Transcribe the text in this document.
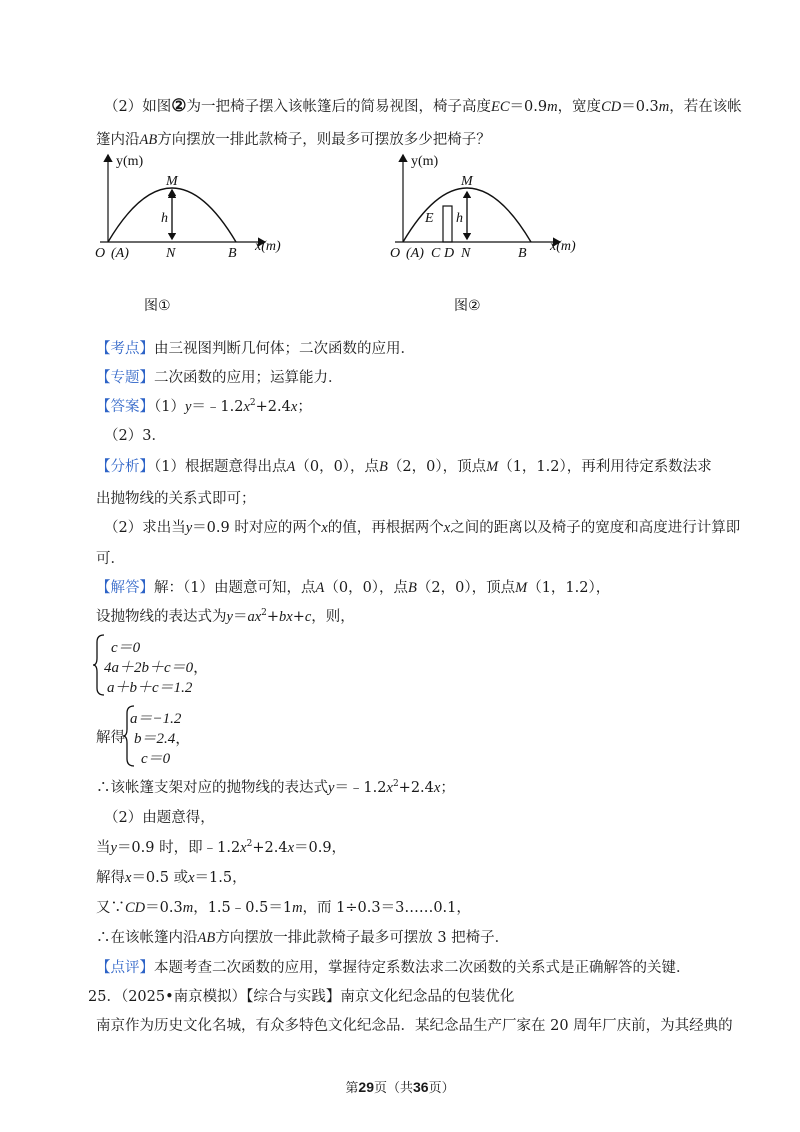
（2）如图②为一把椅子摆入该帐篷后的简易视图，椅子高度EC＝0.9m，宽度CD＝0.3m，若在该帐
篷内沿AB方向摆放一排此款椅子，则最多可摆放多少把椅子？
y(m)
x(m)
M
h
O (A)	N	B
图①
y(m)
x(m)
M
E h
O (A) C D N	B
图②
【考点】由三视图判断几何体；二次函数的应用．
【专题】二次函数的应用；运算能力．
【答案】$(1)y=﹣1.2x^2+2.4x$；
（2）3．
【分析】（1）根据题意得出点A（0，0），点B（2，0），顶点M（1，1.2），再利用待定系数法求
出抛物线的关系式即可；
（2）求出当y＝0.9 时对应的两个x的值，再根据两个x之间的距离以及椅子的宽度和高度进行计算即
可．
【解答】解：（1）由题意可知，点A（0，0），点B（2，0），顶点M（1，1.2），
设抛物线的表达式为$y=ax^2+bx+c$，则，
c＝0
4a＋2b＋c＝0，
a＋b＋c＝1.2
解得
a＝−1.2
b＝2.4，
c＝0
∴该帐篷支架对应的抛物线的表达式$y=﹣1.2x^2+2.4x$；
（2）由题意得，
当y＝0.9 时，即$﹣1.2x^2+2.4x=0.9$，
解得x＝0.5 或x＝1.5，
又∵CD＝0.3m，1.5﹣0.5＝1m，而 1÷0.3＝3……0.1，
∴在该帐篷内沿AB方向摆放一排此款椅子最多可摆放 3 把椅子．
【点评】本题考查二次函数的应用，掌握待定系数法求二次函数的关系式是正确解答的关键．
25．（2025•南京模拟）【综合与实践】南京文化纪念品的包装优化
南京作为历史文化名城，有众多特色文化纪念品．某纪念品生产厂家在 20 周年厂庆前，为其经典的
第29页（共36页）
